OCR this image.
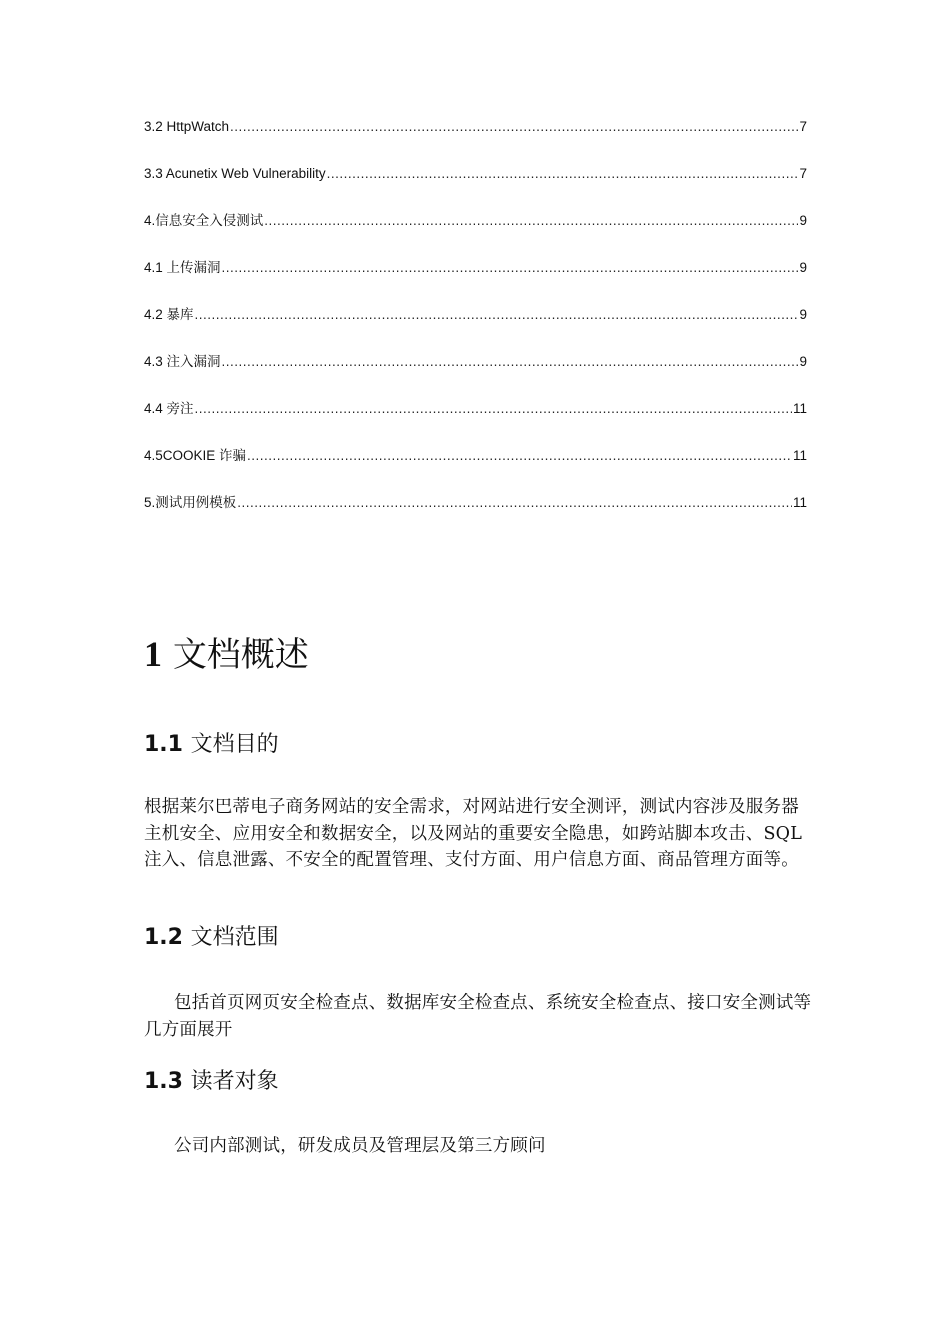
3.2 HttpWatch .....	7
3.3 Acunetix Web Vulnerability .....	7
4.信息安全入侵测试 .....	9
4.1 上传漏洞 .....	9
4.2 暴库 .....	9
4.3 注入漏洞 .....	9
4.4 旁注 .....	11
4.5COOKIE 诈骗 .....	11
5.测试用例模板 .....	11
1 文档概述
1.1 文档目的

根据莱尔巴蒂电子商务网站的安全需求，对网站进行安全测评，测试内容涉及服务器主机安全、应用安全和数据安全，以及网站的重要安全隐患，如跨站脚本攻击、SQL注入、信息泄露、不安全的配置管理、支付方面、用户信息方面、商品管理方面等。

1.2 文档范围

包括首页网页安全检查点、数据库安全检查点、系统安全检查点、接口安全测试等几方面展开

1.3 读者对象

公司内部测试，研发成员及管理层及第三方顾问
